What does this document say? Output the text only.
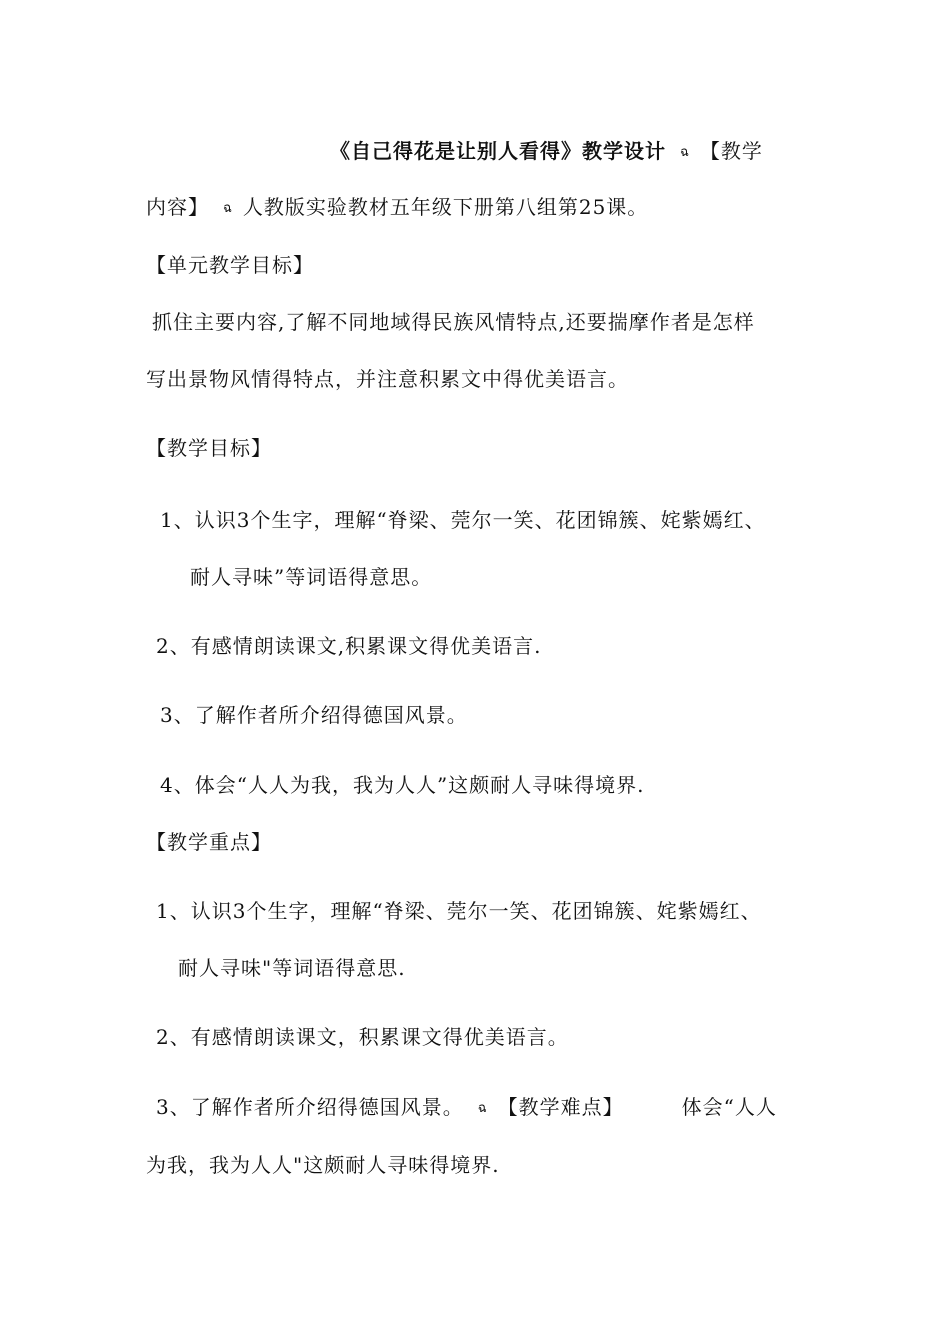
《自己得花是让别人看得》教学设计 ฉ 【教学
内容】 ฉ 人教版实验教材五年级下册第八组第25课。
【单元教学目标】
抓住主要内容,了解不同地域得民族风情特点,还要揣摩作者是怎样
写出景物风情得特点，并注意积累文中得优美语言。
【教学目标】
1、认识3个生字，理解“脊梁、莞尔一笑、花团锦簇、姹紫嫣红、
耐人寻味”等词语得意思。
2、有感情朗读课文,积累课文得优美语言.
3、了解作者所介绍得德国风景。
4、体会“人人为我，我为人人”这颇耐人寻味得境界.
【教学重点】
1、认识3个生字，理解“脊梁、莞尔一笑、花团锦簇、姹紫嫣红、
耐人寻味"等词语得意思.
2、有感情朗读课文，积累课文得优美语言。
3、了解作者所介绍得德国风景。 ฉ 【教学难点】	体会“人人
为我，我为人人"这颇耐人寻味得境界.
